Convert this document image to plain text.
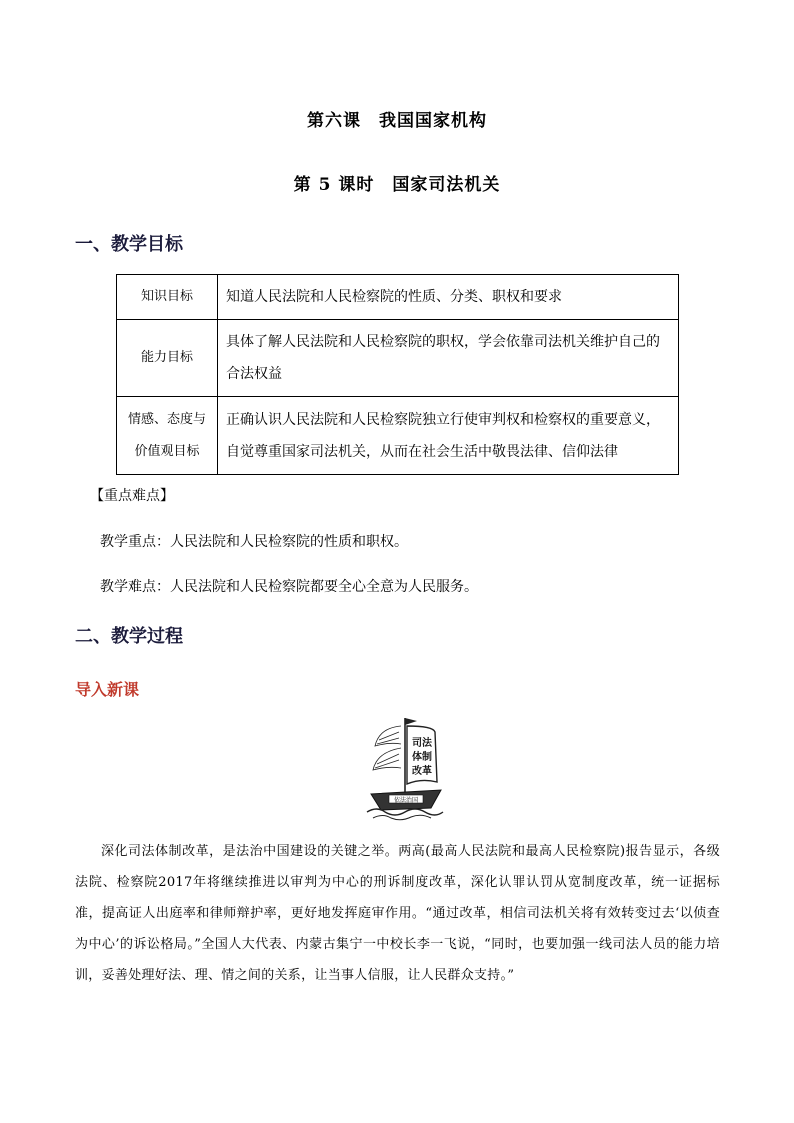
第六课　我国国家机构
第 5 课时　国家司法机关
一、教学目标
知识目标	知道人民法院和人民检察院的性质、分类、职权和要求
能力目标	具体了解人民法院和人民检察院的职权，学会依靠司法机关维护自己的合法权益

情感、态度与
价值观目标	正确认识人民法院和人民检察院独立行使审判权和检察权的重要意义，自觉尊重国家司法机关，从而在社会生活中敬畏法律、信仰法律
【重点难点】
教学重点：人民法院和人民检察院的性质和职权。
教学难点：人民法院和人民检察院都要全心全意为人民服务。
二、教学过程
导入新课
司法
体制
改革
依法治国
深化司法体制改革，是法治中国建设的关键之举。两高(最高人民法院和最高人民检察院)报告显示，各级法院、检察院2017年将继续推进以审判为中心的刑诉制度改革，深化认罪认罚从宽制度改革，统一证据标准，提高证人出庭率和律师辩护率，更好地发挥庭审作用。“通过改革，相信司法机关将有效转变过去‘以侦查为中心’的诉讼格局。”全国人大代表、内蒙古集宁一中校长李一飞说，“同时，也要加强一线司法人员的能力培训，妥善处理好法、理、情之间的关系，让当事人信服，让人民群众支持。”
